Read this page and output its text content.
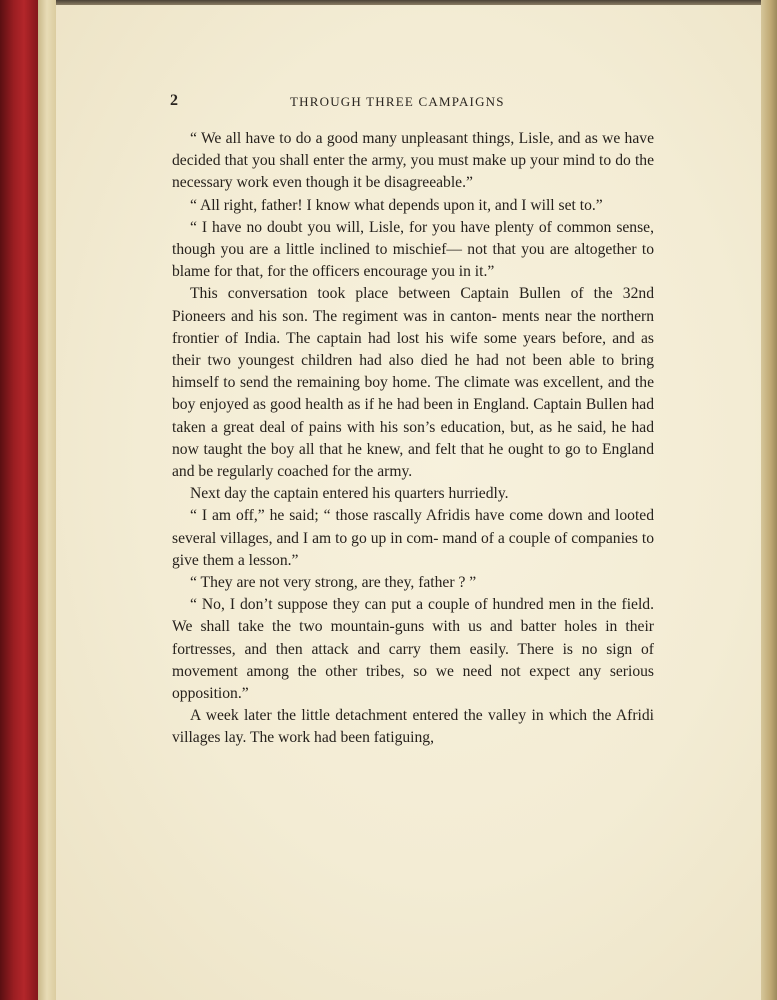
2	THROUGH THREE CAMPAIGNS

“ We all have to do a good many unpleasant things, Lisle, and as we have decided that you shall enter the army, you must make up your mind to do the necessary work even though it be disagreeable.”

“ All right, father! I know what depends upon it, and I will set to.”

“ I have no doubt you will, Lisle, for you have plenty of common sense, though you are a little inclined to mischief— not that you are altogether to blame for that, for the officers encourage you in it.”

This conversation took place between Captain Bullen of the 32nd Pioneers and his son. The regiment was in canton- ments near the northern frontier of India. The captain had lost his wife some years before, and as their two youngest children had also died he had not been able to bring himself to send the remaining boy home. The climate was excellent, and the boy enjoyed as good health as if he had been in England. Captain Bullen had taken a great deal of pains with his son’s education, but, as he said, he had now taught the boy all that he knew, and felt that he ought to go to England and be regularly coached for the army.

Next day the captain entered his quarters hurriedly.

“ I am off,” he said; “ those rascally Afridis have come down and looted several villages, and I am to go up in com- mand of a couple of companies to give them a lesson.”

“ They are not very strong, are they, father ? ”

“ No, I don’t suppose they can put a couple of hundred men in the field. We shall take the two mountain-guns with us and batter holes in their fortresses, and then attack and carry them easily. There is no sign of movement among the other tribes, so we need not expect any serious opposition.”

A week later the little detachment entered the valley in which the Afridi villages lay. The work had been fatiguing,
